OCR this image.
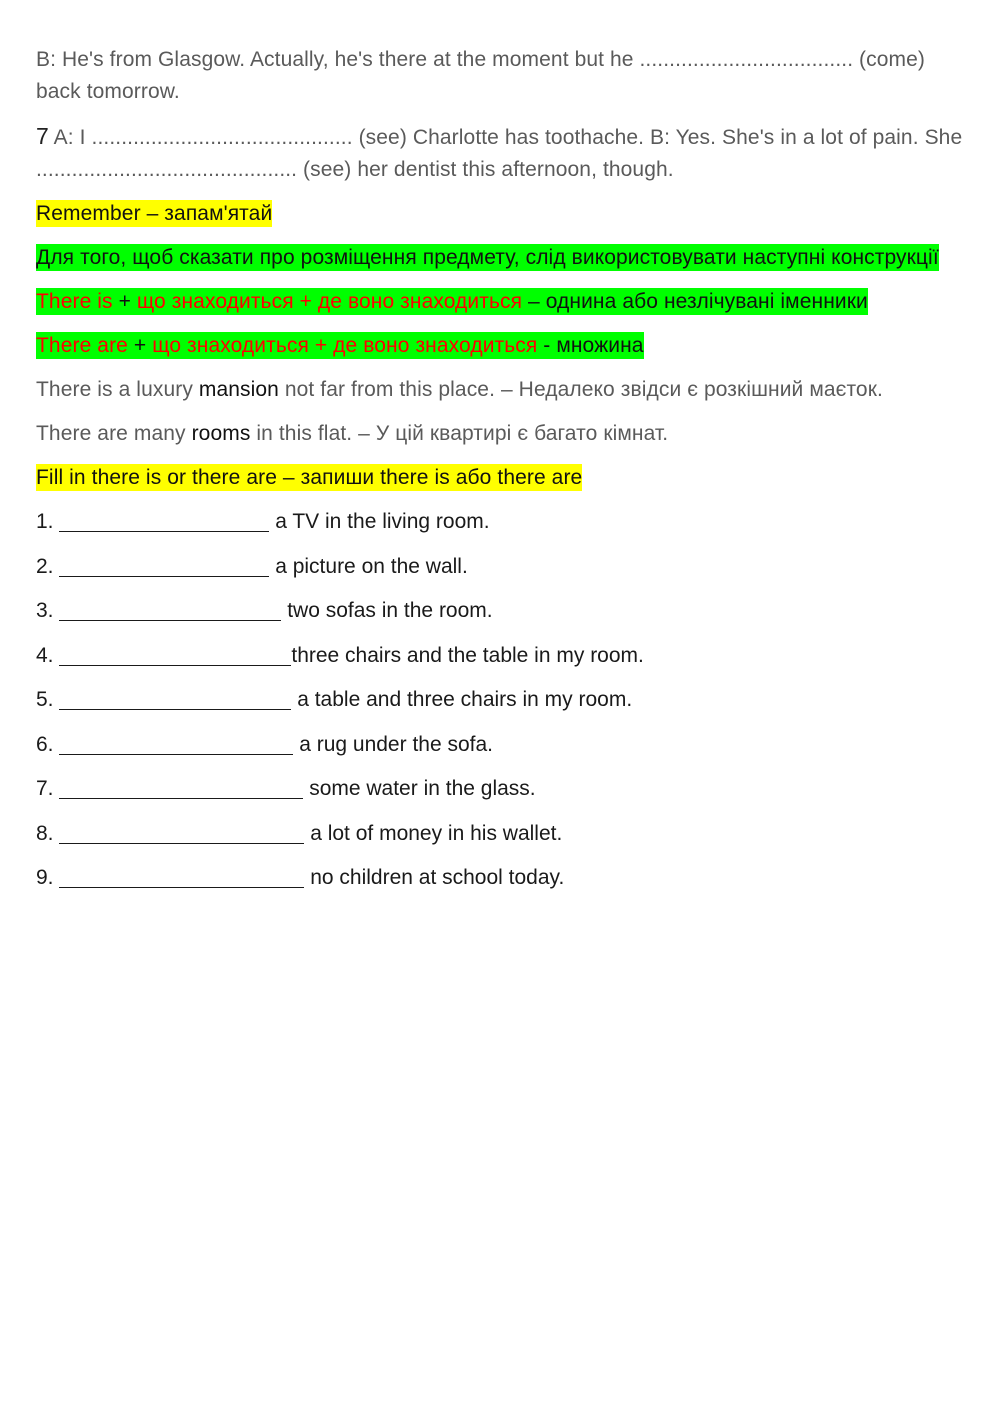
B: He's from Glasgow. Actually, he's there at the moment but he .................................... (come) back tomorrow.

7 A: I ............................................ (see) Charlotte has toothache. B: Yes. She's in a lot of pain. She ............................................ (see) her dentist this afternoon, though.

Remember – запам'ятай

Для того, щоб сказати про розміщення предмету, слід використовувати наступні конструкції

There is + що знаходиться + де воно знаходиться – однина або незлічувані іменники

There are + що знаходиться + де воно знаходиться - множина

There is a luxury mansion not far from this place. – Недалеко звідси є розкішний маєток.

There are many rooms in this flat. – У цій квартирі є багато кімнат.

Fill in there is or there are – запиши there is або there are

1.	a TV in the living room.

2.	a picture on the wall.

3.	two sofas in the room.

4.	three chairs and the table in my room.

5.	a table and three chairs in my room.

6.	a rug under the sofa.

7.	some water in the glass.

8.	a lot of money in his wallet.

9.	no children at school today.
